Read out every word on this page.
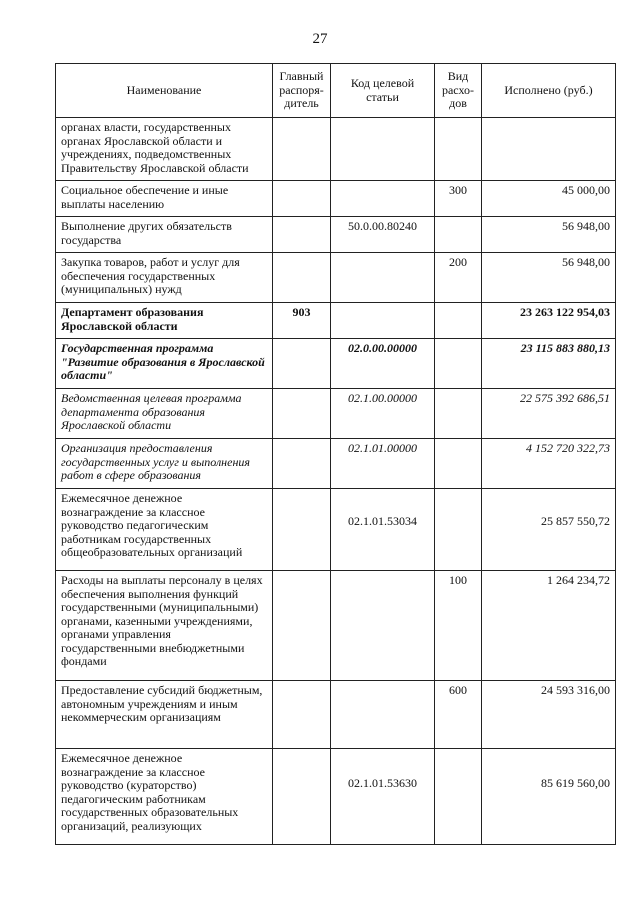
27
Наименование	Главный распоря-дитель	Код целевой статьи	Вид расхо-дов	Исполнено (руб.)
органах власти, государственных органах Ярославской области и учреждениях, подведомственных Правительству Ярославской области				
Социальное обеспечение и иные выплаты населению			300	45 000,00
Выполнение других обязательств государства		50.0.00.80240		56 948,00
Закупка товаров, работ и услуг для обеспечения государственных (муниципальных) нужд			200	56 948,00
Департамент образования Ярославской области	903			23 263 122 954,03
Государственная программа "Развитие образования в Ярославской области"		02.0.00.00000		23 115 883 880,13
Ведомственная целевая программа департамента образования Ярославской области		02.1.00.00000		22 575 392 686,51
Организация предоставления государственных услуг и выполнения работ в сфере образования		02.1.01.00000		4 152 720 322,73
Ежемесячное денежное вознаграждение за классное руководство педагогическим работникам государственных общеобразовательных организаций		02.1.01.53034		25 857 550,72
Расходы на выплаты персоналу в целях обеспечения выполнения функций государственными (муниципальными) органами, казенными учреждениями, органами управления государственными внебюджетными фондами			100	1 264 234,72
Предоставление субсидий бюджетным, автономным учреждениям и иным некоммерческим организациям			600	24 593 316,00
Ежемесячное денежное вознаграждение за классное руководство (кураторство) педагогическим работникам государственных образовательных организаций, реализующих		02.1.01.53630		85 619 560,00
